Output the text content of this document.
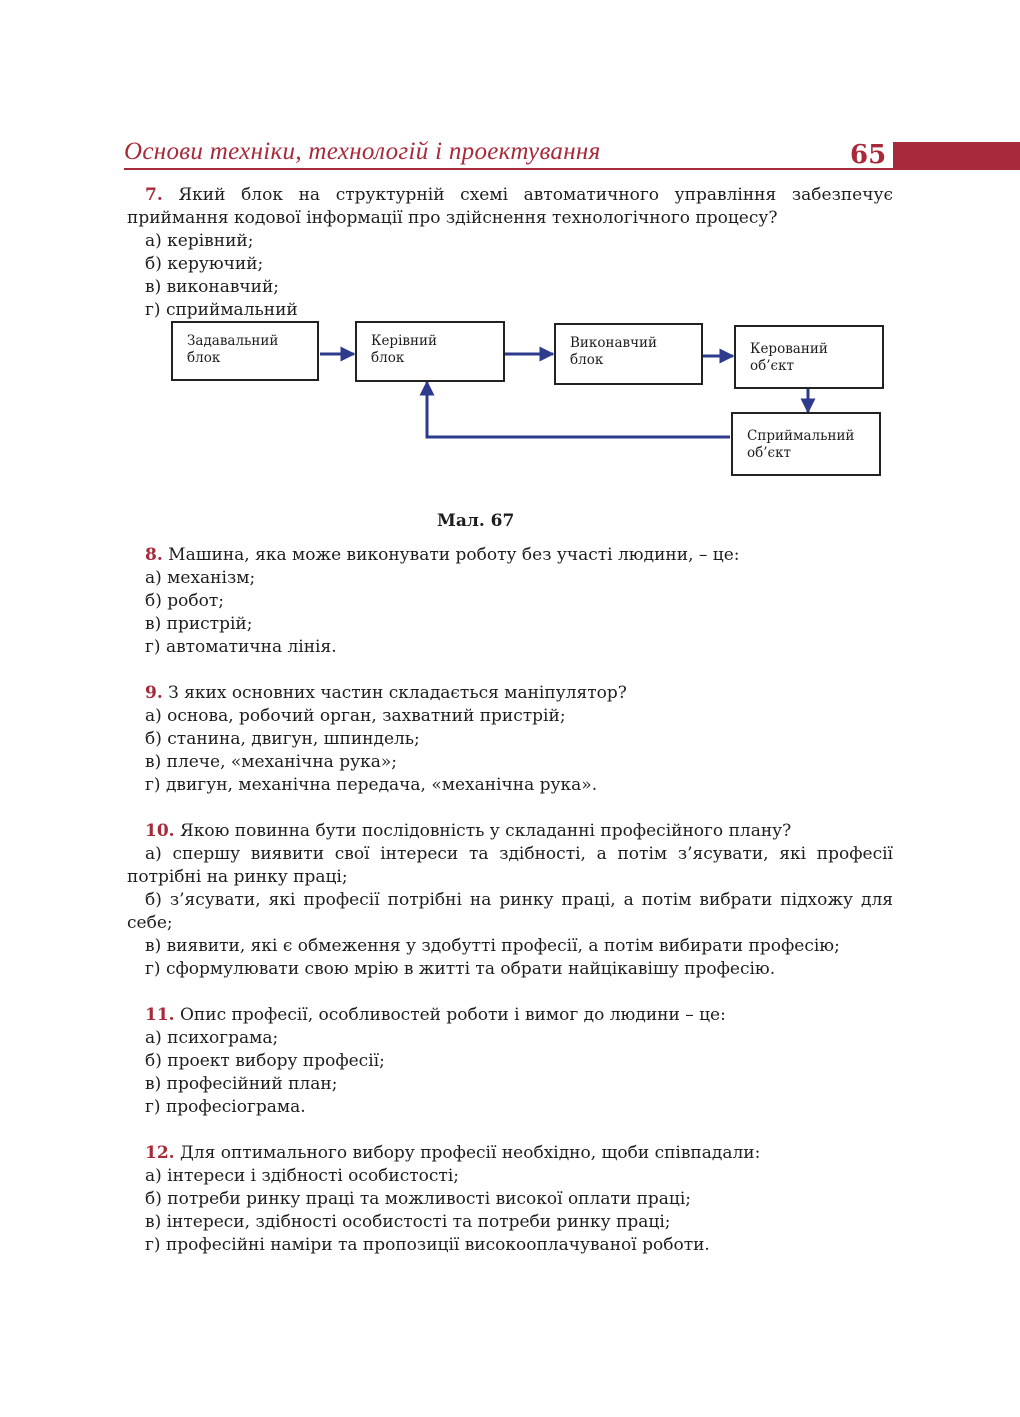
Основи техніки, технологій і проектування	65
7. Який блок на структурній схемі автоматичного управління забезпечує приймання кодової інформації про здійснення технологічного процесу?
а) керівний;
б) керуючий;
в) виконавчий;
г) сприймальний
Задавальний
блок
Керівний
блок
Виконавчий
блок
Керований
об’єкт
Сприймальний
об’єкт
Мал. 67
8. Машина, яка може виконувати роботу без участі людини, – це:
а) механізм;
б) робот;
в) пристрій;
г) автоматична лінія.
9. З яких основних частин складається маніпулятор?
а) основа, робочий орган, захватний пристрій;
б) станина, двигун, шпиндель;
в) плече, «механічна рука»;
г) двигун, механічна передача, «механічна рука».
10. Якою повинна бути послідовність у складанні професійного плану?
а) спершу виявити свої інтереси та здібності, а потім з’ясувати, які професії потрібні на ринку праці;
б) з’ясувати, які професії потрібні на ринку праці, а потім вибрати підхожу для себе;
в) виявити, які є обмеження у здобутті професії, а потім вибирати професію;
г) сформулювати свою мрію в житті та обрати найцікавішу професію.
11. Опис професії, особливостей роботи і вимог до людини – це:
а) психограма;
б) проект вибору професії;
в) професійний план;
г) професіограма.
12. Для оптимального вибору професії необхідно, щоби співпадали:
а) інтереси і здібності особистості;
б) потреби ринку праці та можливості високої оплати праці;
в) інтереси, здібності особистості та потреби ринку праці;
г) професійні наміри та пропозиції високооплачуваної роботи.
